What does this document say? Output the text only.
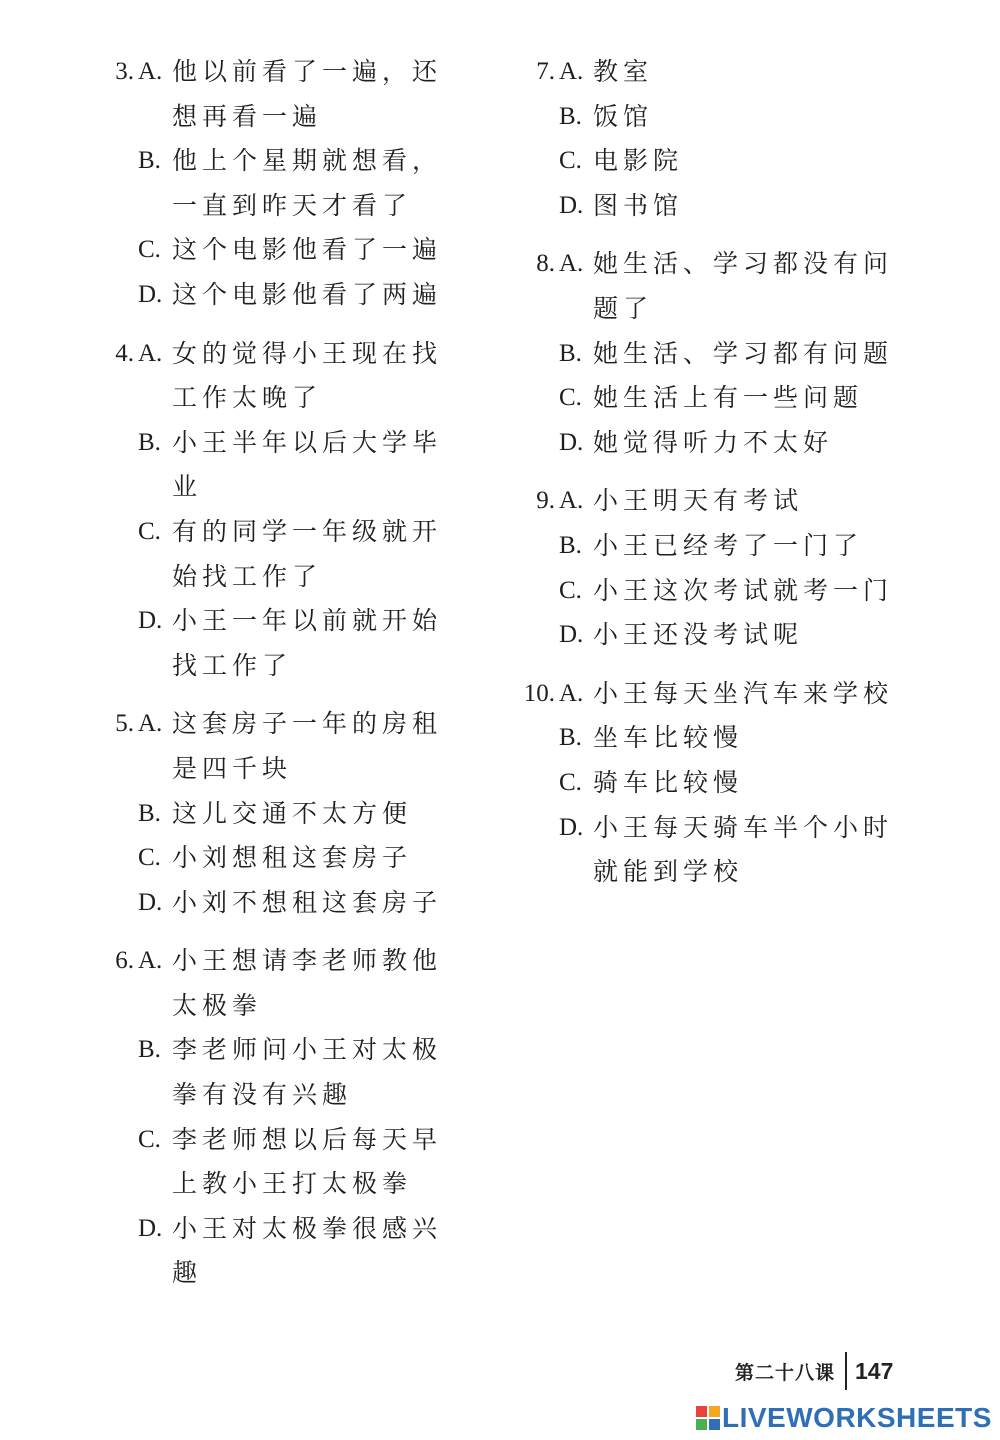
3. A. 他以前看了一遍，还
想再看一遍
B. 他上个星期就想看，
一直到昨天才看了
C. 这个电影他看了一遍
D. 这个电影他看了两遍
4. A. 女的觉得小王现在找
工作太晚了
B. 小王半年以后大学毕业
C. 有的同学一年级就开
始找工作了
D. 小王一年以前就开始
找工作了
5. A. 这套房子一年的房租
是四千块
B. 这儿交通不太方便
C. 小刘想租这套房子
D. 小刘不想租这套房子
6. A. 小王想请李老师教他
太极拳
B. 李老师问小王对太极
拳有没有兴趣
C. 李老师想以后每天早
上教小王打太极拳
D. 小王对太极拳很感兴趣
7. A. 教室
B. 饭馆
C. 电影院
D. 图书馆
8. A. 她生活、学习都没有问
题了
B. 她生活、学习都有问题
C. 她生活上有一些问题
D. 她觉得听力不太好
9. A. 小王明天有考试
B. 小王已经考了一门了
C. 小王这次考试就考一门
D. 小王还没考试呢
10. A. 小王每天坐汽车来学校
B. 坐车比较慢
C. 骑车比较慢
D. 小王每天骑车半个小时
就能到学校
第二十八课 147
LIVEWORKSHEETS
